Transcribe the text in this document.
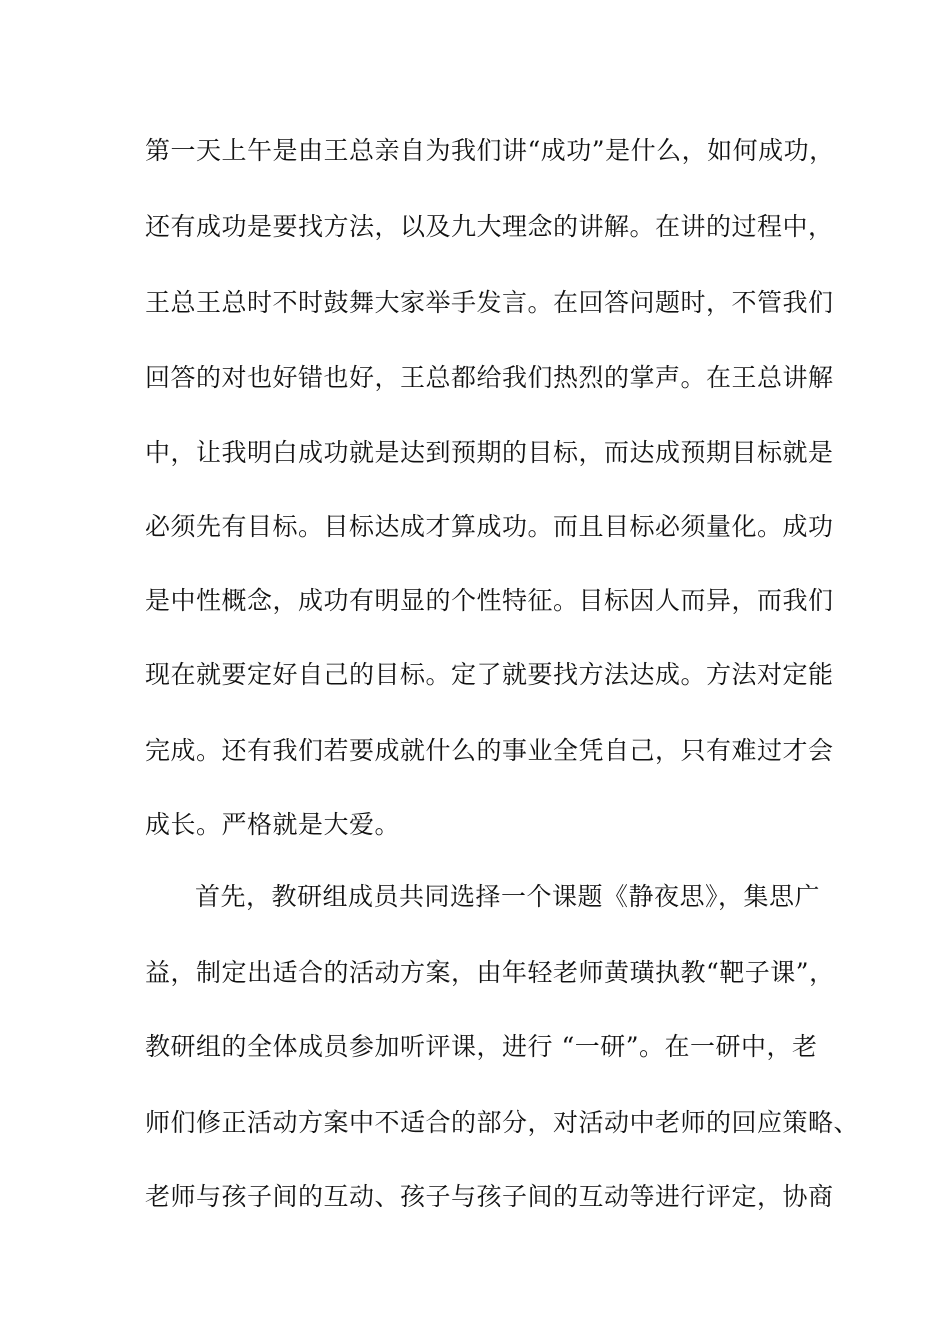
第一天上午是由王总亲自为我们讲“成功”是什么，如何成功，
还有成功是要找方法，以及九大理念的讲解。在讲的过程中，
王总王总时不时鼓舞大家举手发言。在回答问题时，不管我们
回答的对也好错也好，王总都给我们热烈的掌声。在王总讲解
中，让我明白成功就是达到预期的目标，而达成预期目标就是
必须先有目标。目标达成才算成功。而且目标必须量化。成功
是中性概念，成功有明显的个性特征。目标因人而异，而我们
现在就要定好自己的目标。定了就要找方法达成。方法对定能
完成。还有我们若要成就什么的事业全凭自己，只有难过才会
成长。严格就是大爱。
首先，教研组成员共同选择一个课题《静夜思》，集思广
益，制定出适合的活动方案，由年轻老师黄璜执教“靶子课”，
教研组的全体成员参加听评课，进行 “一研”。在一研中，老
师们修正活动方案中不适合的部分，对活动中老师的回应策略、
老师与孩子间的互动、孩子与孩子间的互动等进行评定，协商
